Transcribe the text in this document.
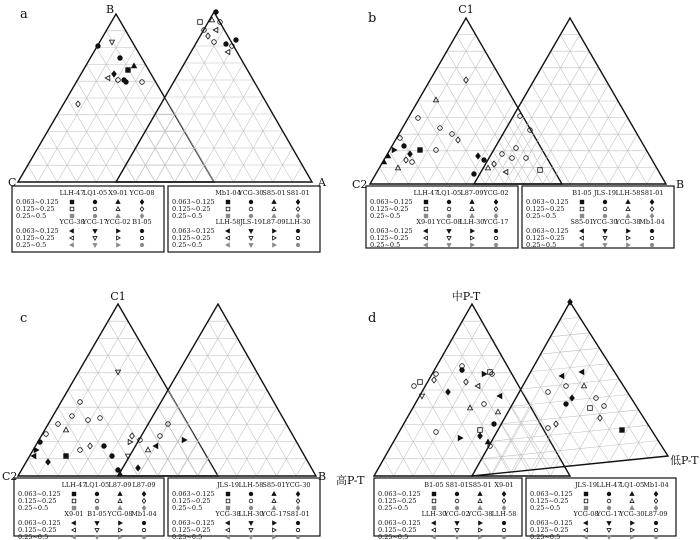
a	B
C	A
LLH-47
LQ1-05 X9-01 YCG-08
0.063~0.125
0.125~0.25
0.25~0.5
YCG-38
YCG-17
YCG-02 B1-05
0.063~0.125
0.125~0.25
0.25~0.5
Mb1-04
YCG-30
S85-01 S81-01
0.063~0.125
0.125~0.25
0.25~0.5
LLH-58 JLS-19 L87-09 LLH-30
0.063~0.125
0.125~0.25
0.25~0.5
b
C1
C2	B
LLH-47
LQ1-05 L87-09 YCG-02
0.063~0.125
0.125~0.25
0.25~0.5
X9-01 YCG-08
LLH-30 YCG-17
0.063~0.125
0.125~0.25
0.25~0.5
B1-05 JLS-19 LLH-58 S81-01
0.063~0.125
0.125~0.25
0.25~0.5
S85-01
YCG-30
YCG-38
Mb1-04
0.063~0.125
0.125~0.25
0.25~0.5
c
C1
C2	B
LLH-47
LQ1-05 L87-09 L87-09
0.063~0.125
0.125~0.25
0.25~0.5
X9-01 B1-05 YCG-08
Mb1-04
0.063~0.125
0.125~0.25
0.25~0.5
JLS-19 LLH-58 S85-01 YCG-30
0.063~0.125
0.125~0.25
0.25~0.5
YCG-38
LLH-30
YCG-17 S81-01
0.063~0.125
0.125~0.25
0.25~0.5
d
中P-T
高P-T
低P-T
B1-05 S81-01 S85-01 X9-01
0.063~0.125
0.125~0.25
0.25~0.5
LLH-30
YCG-02
YCG-38 LLH-58
0.063~0.125
0.125~0.25
0.25~0.5
JLS-19 LLH-47
LQ1-05 Mb1-04
0.063~0.125
0.125~0.25
0.25~0.5
YCG-08
YCG-17
YCG-30 L87-09
0.063~0.125
0.125~0.25
0.25~0.5
